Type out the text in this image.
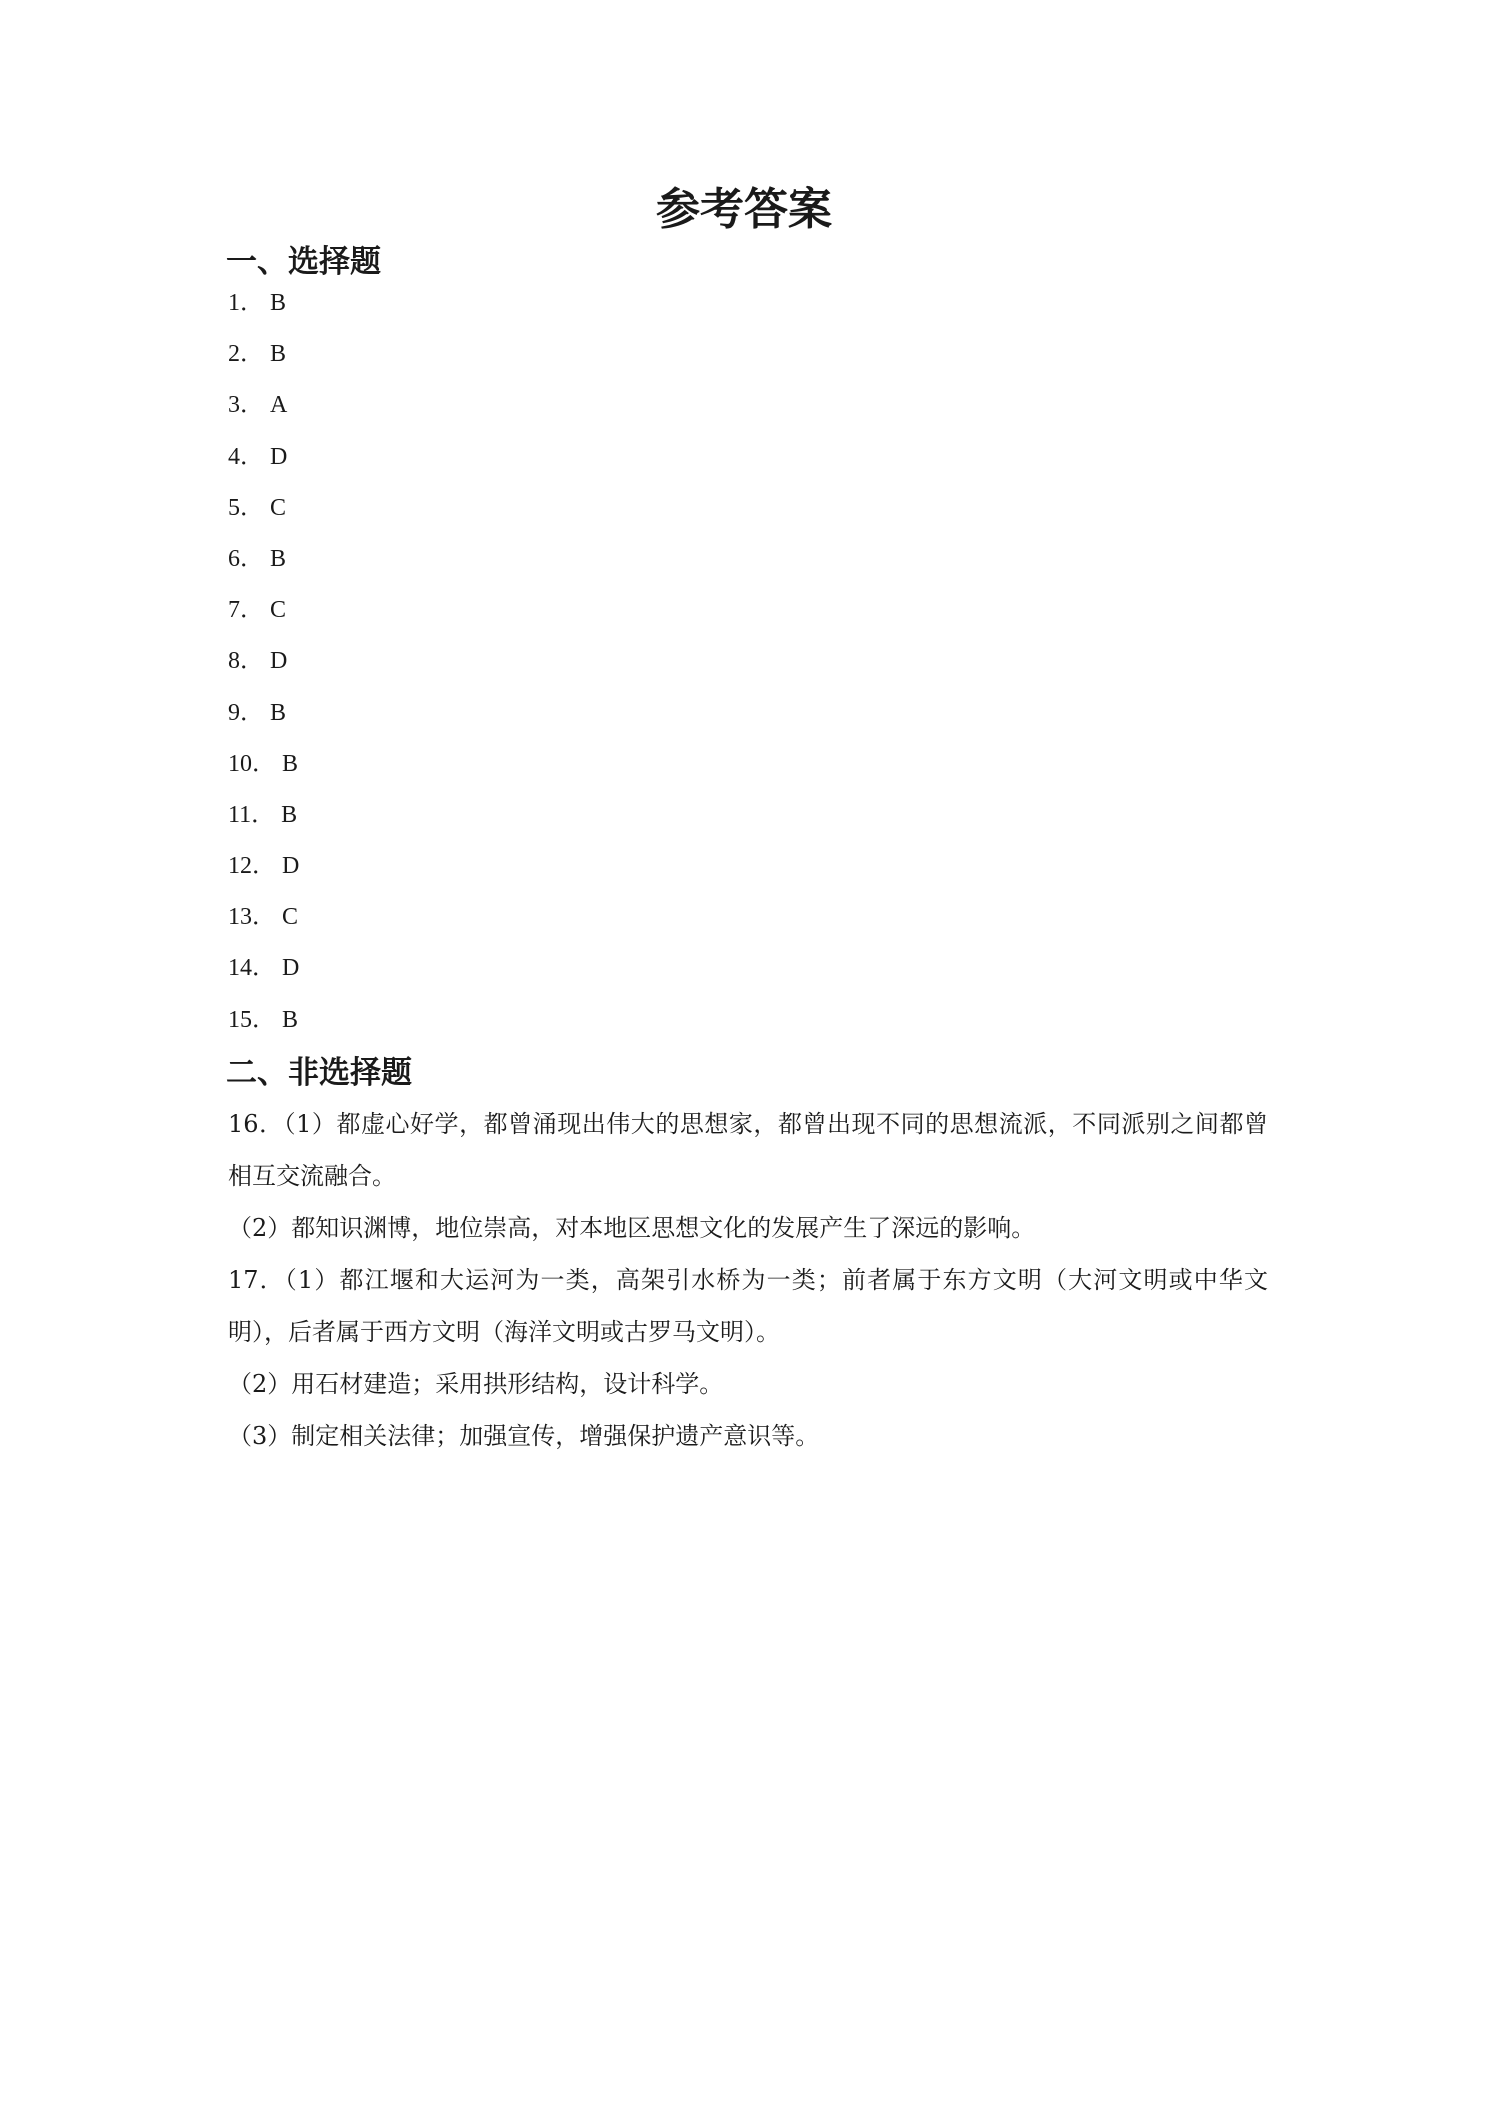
参考答案
一、选择题
1． B
2． B
3． A
4． D
5． C
6． B
7． C
8． D
9． B
10． B
11． B
12． D
13． C
14． D
15． B
二、非选择题

16．（1）都虚心好学，都曾涌现出伟大的思想家，都曾出现不同的思想流派，不同派别之间都曾相互交流融合。

（2）都知识渊博，地位崇高，对本地区思想文化的发展产生了深远的影响。

17．（1）都江堰和大运河为一类，高架引水桥为一类；前者属于东方文明（大河文明或中华文明），后者属于西方文明（海洋文明或古罗马文明）。

（2）用石材建造；采用拱形结构，设计科学。

（3）制定相关法律；加强宣传，增强保护遗产意识等。
